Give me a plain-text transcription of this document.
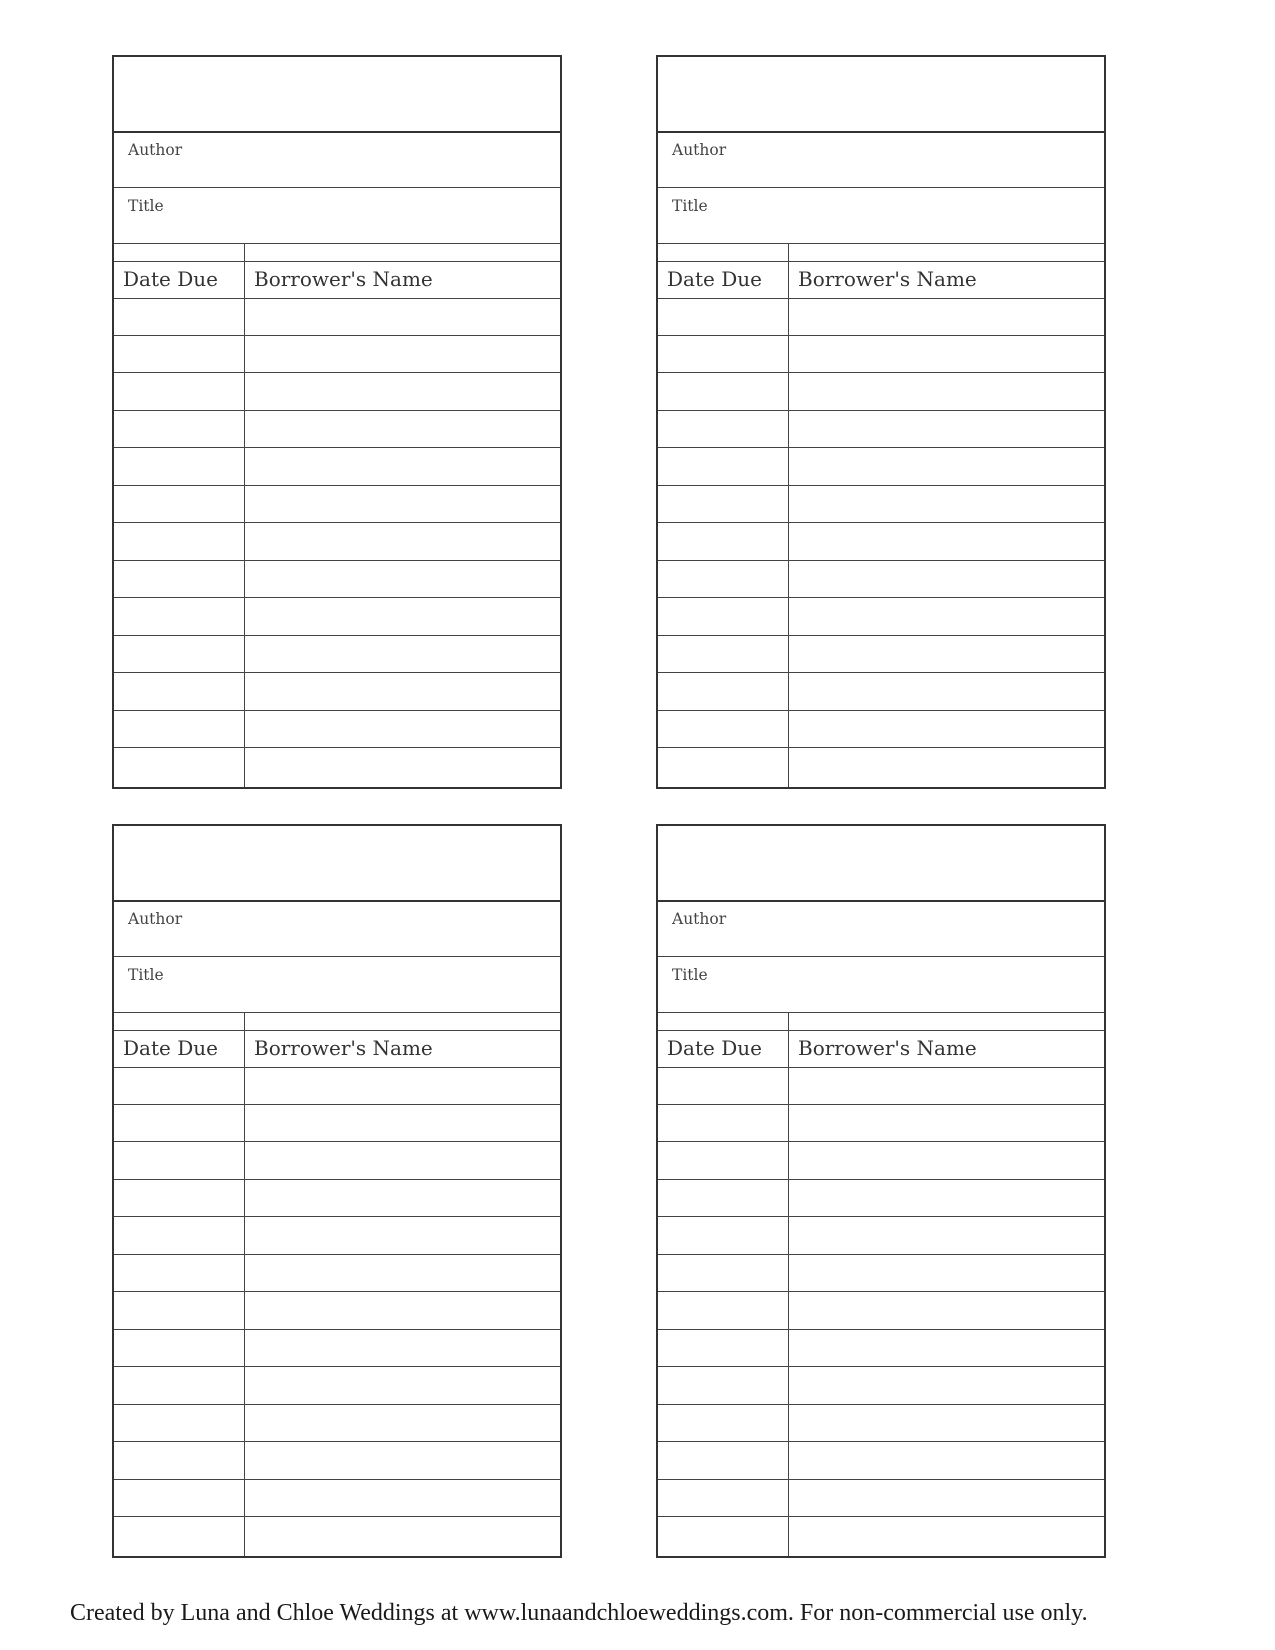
Author
Title
Date Due Borrower's Name
Author
Title
Date Due Borrower's Name
Author
Title
Date Due Borrower's Name
Author
Title
Date Due Borrower's Name
Created by Luna and Chloe Weddings at www.lunaandchloeweddings.com. For non-commercial use only.
